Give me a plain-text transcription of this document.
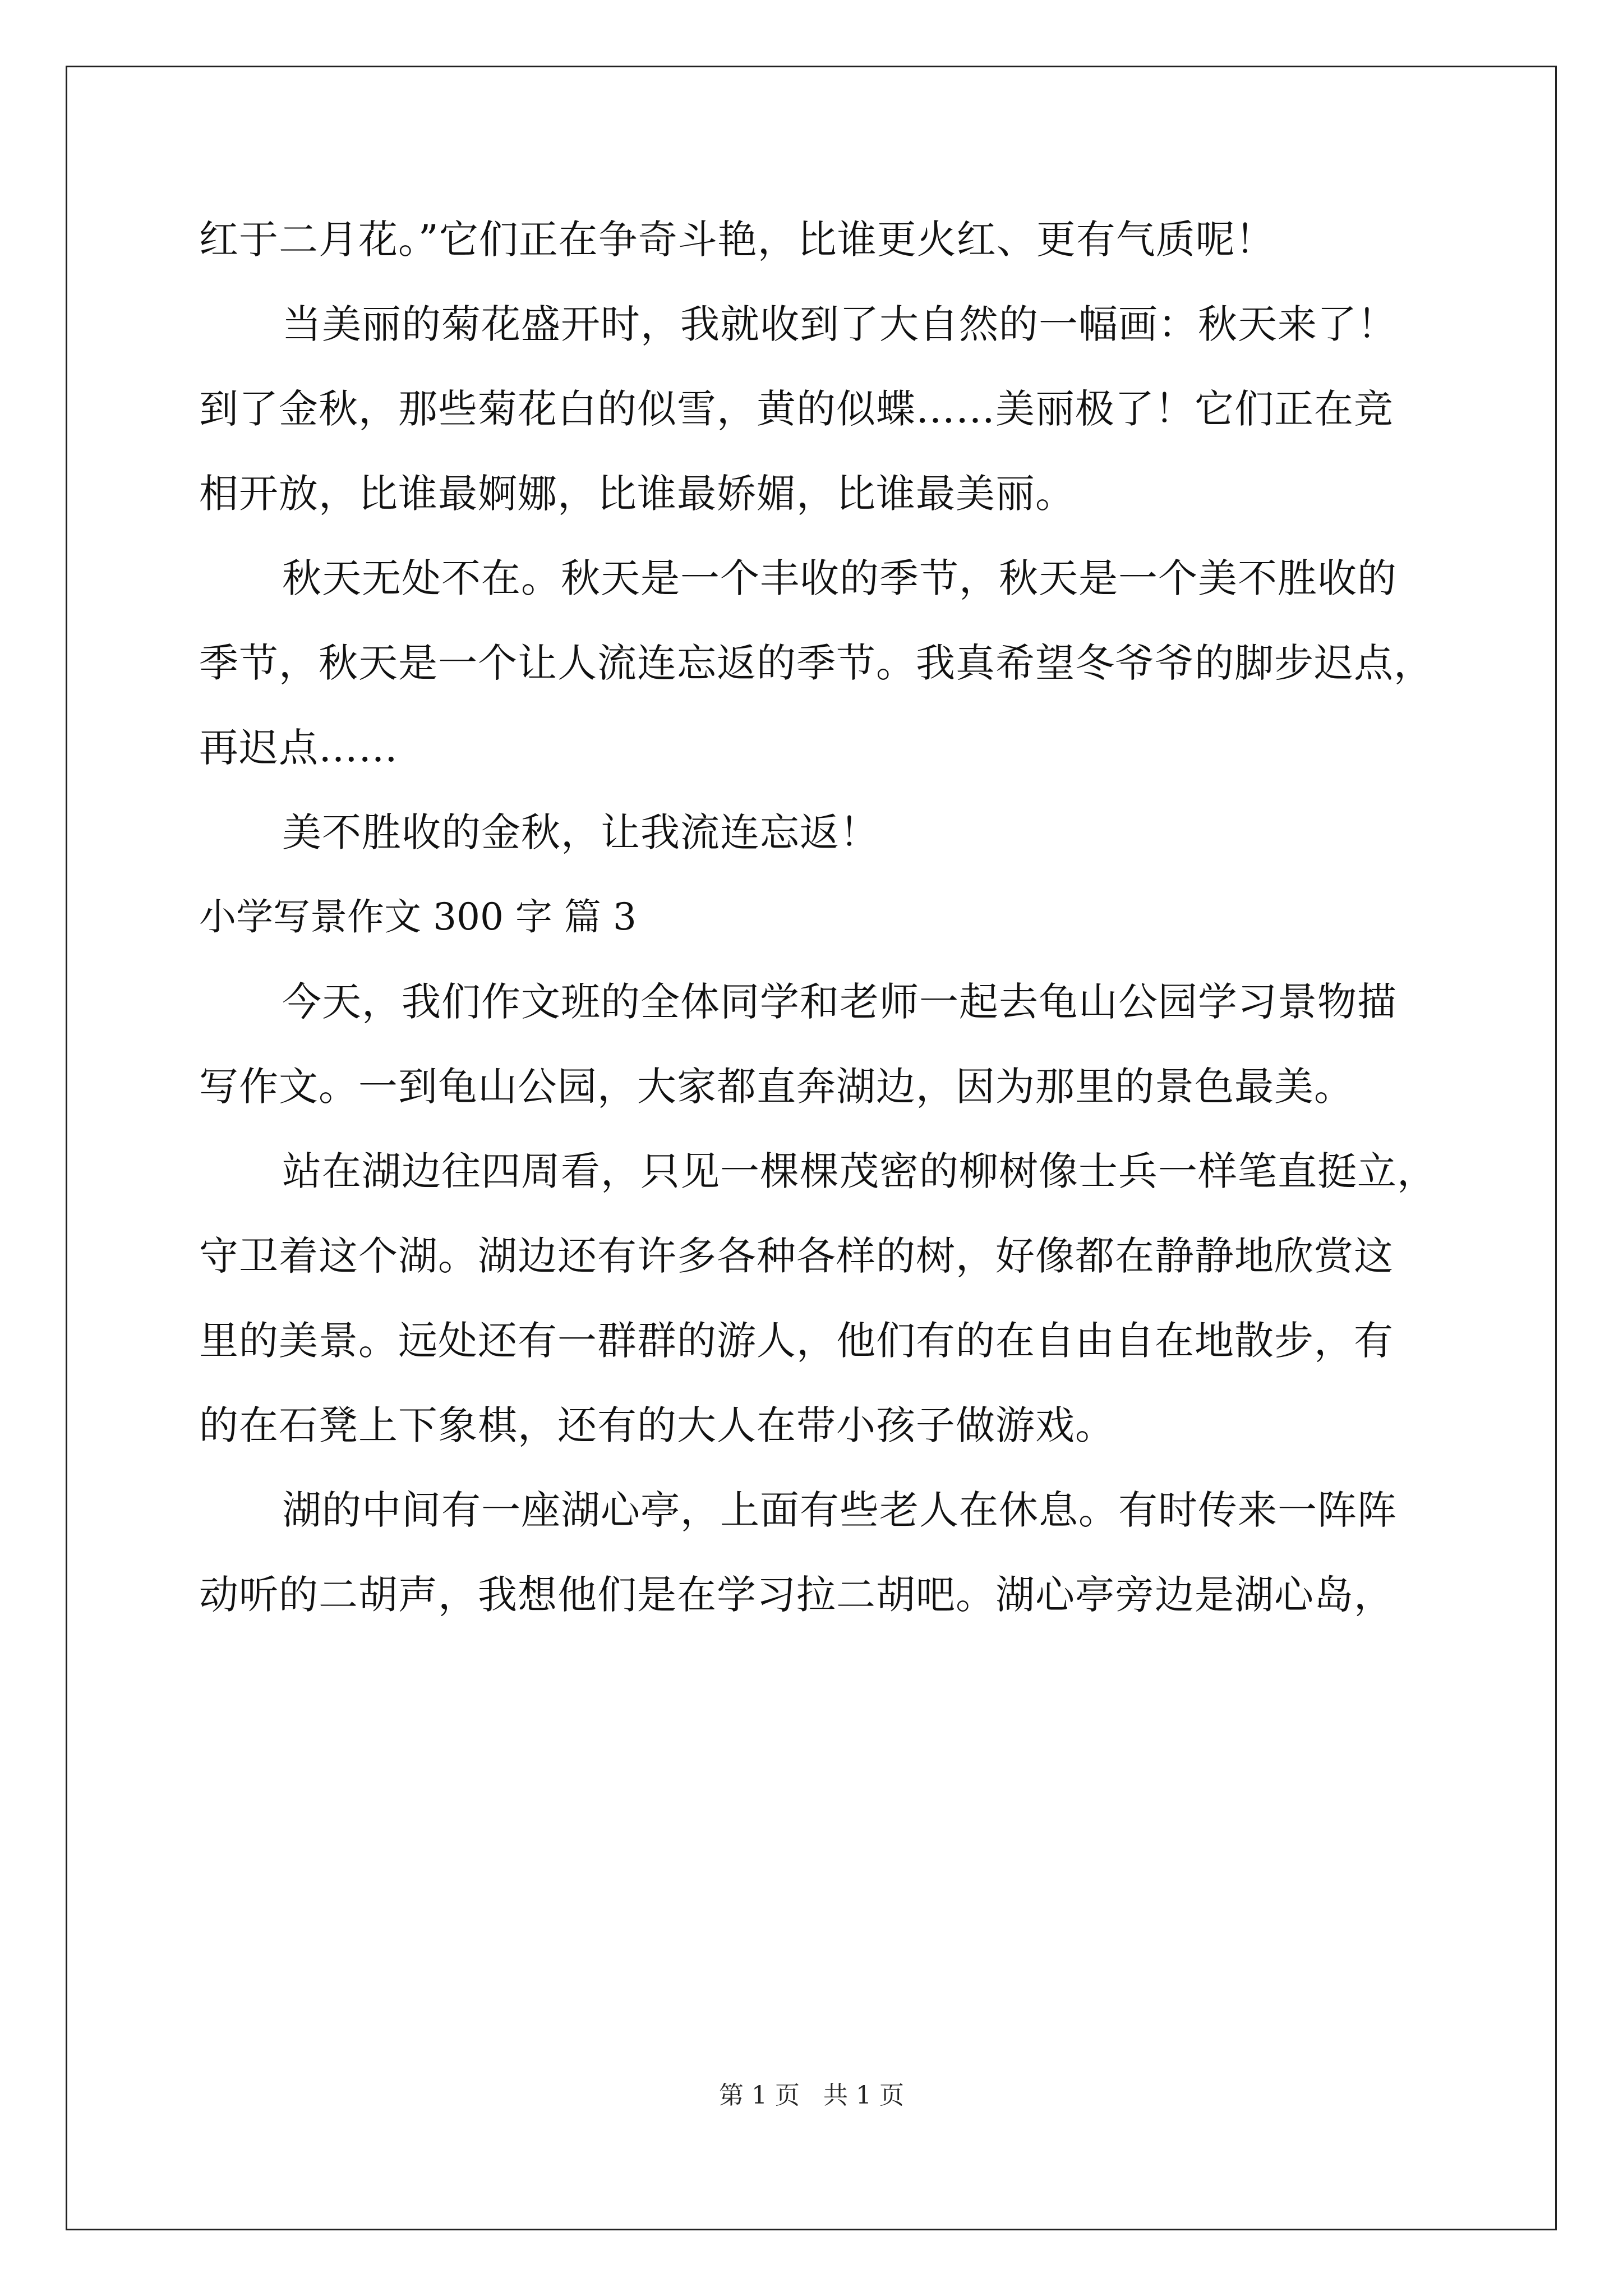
红于二月花。”它们正在争奇斗艳，比谁更火红、更有气质呢！
当美丽的菊花盛开时，我就收到了大自然的一幅画：秋天来了！
到了金秋，那些菊花白的似雪，黄的似蝶……美丽极了！它们正在竞
相开放，比谁最婀娜，比谁最娇媚，比谁最美丽。
秋天无处不在。秋天是一个丰收的季节，秋天是一个美不胜收的
季节，秋天是一个让人流连忘返的季节。我真希望冬爷爷的脚步迟点，
再迟点……
美不胜收的金秋，让我流连忘返！
小学写景作文 300 字 篇 3
今天，我们作文班的全体同学和老师一起去龟山公园学习景物描
写作文。一到龟山公园，大家都直奔湖边，因为那里的景色最美。
站在湖边往四周看，只见一棵棵茂密的柳树像士兵一样笔直挺立，
守卫着这个湖。湖边还有许多各种各样的树，好像都在静静地欣赏这
里的美景。远处还有一群群的游人，他们有的在自由自在地散步，有
的在石凳上下象棋，还有的大人在带小孩子做游戏。
湖的中间有一座湖心亭，上面有些老人在休息。有时传来一阵阵
动听的二胡声，我想他们是在学习拉二胡吧。湖心亭旁边是湖心岛，
第 1 页 共 1 页
